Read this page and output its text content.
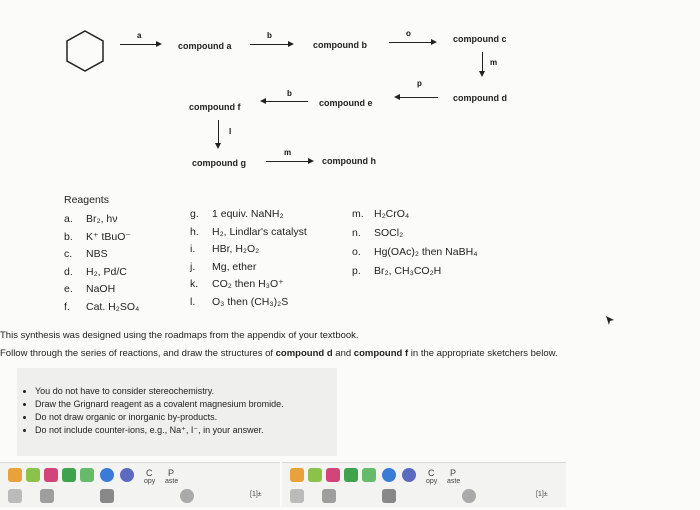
a
compound a
b
compound b
o
compound c
m
compound d
p
compound e
b
compound f
l
compound g
m
compound h
Reagents
a. Br₂, hν
b. K⁺ tBuO⁻
c. NBS
d. H₂, Pd/C
e. NaOH
f. Cat. H₂SO₄
g. 1 equiv. NaNH₂
h. H₂, Lindlar's catalyst
i. HBr, H₂O₂
j. Mg, ether
k. CO₂ then H₃O⁺
l. O₃ then (CH₃)₂S
m. H₂CrO₄
n. SOCl₂
o. Hg(OAc)₂ then NaBH₄
p. Br₂, CH₃CO₂H
This synthesis was designed using the roadmaps from the appendix of your textbook.
Follow through the series of reactions, and draw the structures of compound d and compound f in the appropriate sketchers below.
• You do not have to consider stereochemistry.
• Draw the Grignard reagent as a covalent magnesium bromide.
• Do not draw organic or inorganic by-products.
• Do not include counter-ions, e.g., Na⁺, I⁻, in your answer.
C
opy
P
aste
[1]±
C
opy
P
aste
[1]±
